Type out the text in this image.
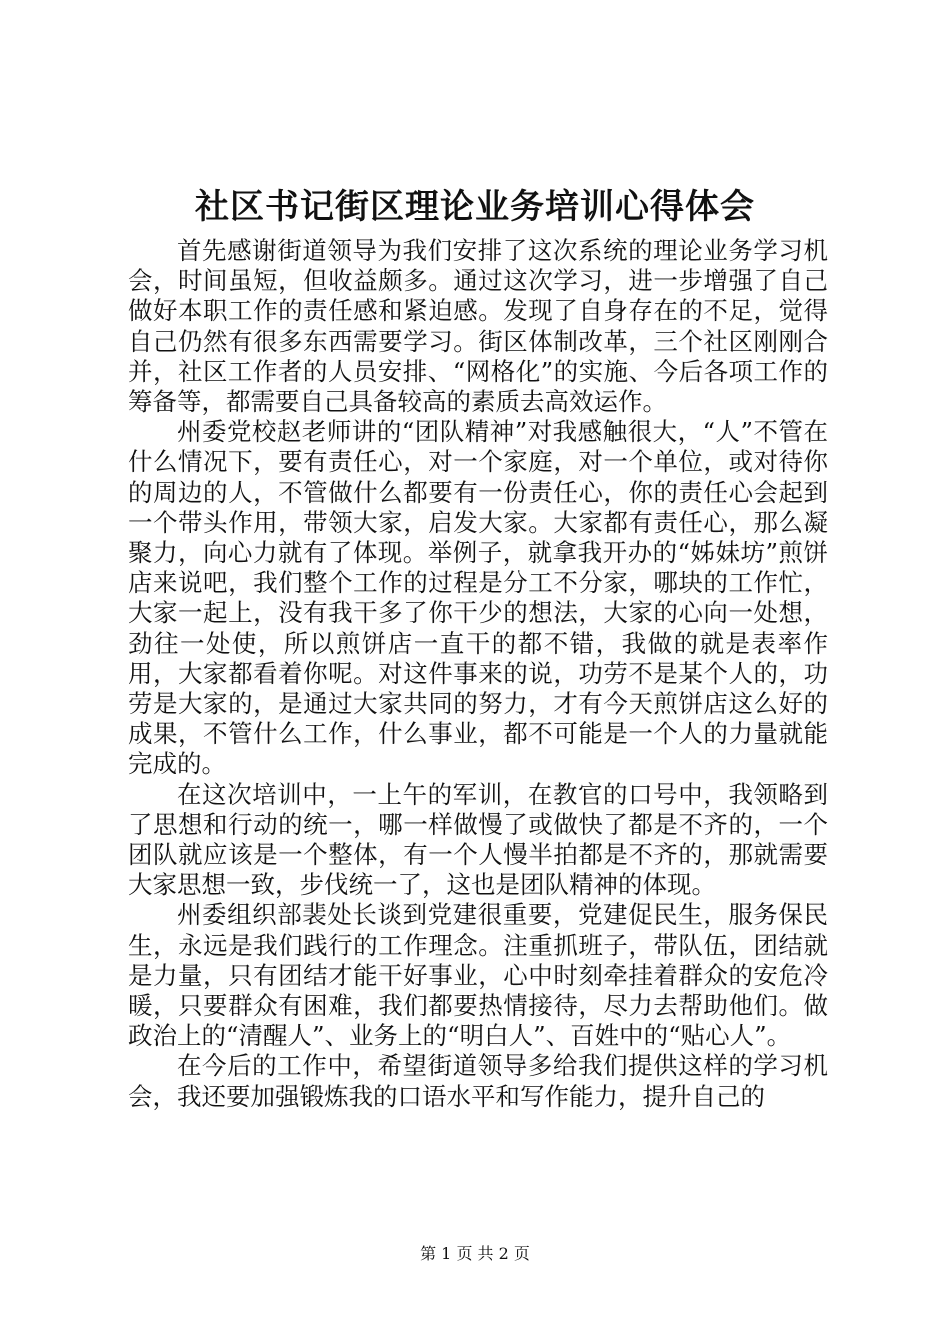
社区书记街区理论业务培训心得体会

首先感谢街道领导为我们安排了这次系统的理论业务学习机会，时间虽短，但收益颇多。通过这次学习，进一步增强了自己做好本职工作的责任感和紧迫感。发现了自身存在的不足，觉得自己仍然有很多东西需要学习。街区体制改革，三个社区刚刚合并，社区工作者的人员安排、“网格化”的实施、今后各项工作的筹备等，都需要自己具备较高的素质去高效运作。

州委党校赵老师讲的“团队精神”对我感触很大，“人”不管在什么情况下，要有责任心，对一个家庭，对一个单位，或对待你的周边的人，不管做什么都要有一份责任心，你的责任心会起到一个带头作用，带领大家，启发大家。大家都有责任心，那么凝聚力，向心力就有了体现。举例子，就拿我开办的“姊妹坊”煎饼店来说吧，我们整个工作的过程是分工不分家，哪块的工作忙，大家一起上，没有我干多了你干少的想法，大家的心向一处想，劲往一处使，所以煎饼店一直干的都不错，我做的就是表率作用，大家都看着你呢。对这件事来的说，功劳不是某个人的，功劳是大家的，是通过大家共同的努力，才有今天煎饼店这么好的成果，不管什么工作，什么事业，都不可能是一个人的力量就能完成的。

在这次培训中，一上午的军训，在教官的口号中，我领略到了思想和行动的统一，哪一样做慢了或做快了都是不齐的，一个团队就应该是一个整体，有一个人慢半拍都是不齐的，那就需要大家思想一致，步伐统一了，这也是团队精神的体现。

州委组织部裴处长谈到党建很重要，党建促民生，服务保民生，永远是我们践行的工作理念。注重抓班子，带队伍，团结就是力量，只有团结才能干好事业，心中时刻牵挂着群众的安危冷暖，只要群众有困难，我们都要热情接待，尽力去帮助他们。做政治上的“清醒人”、业务上的“明白人”、百姓中的“贴心人”。

在今后的工作中，希望街道领导多给我们提供这样的学习机会，我还要加强锻炼我的口语水平和写作能力，提升自己的

第 1 页 共 2 页
